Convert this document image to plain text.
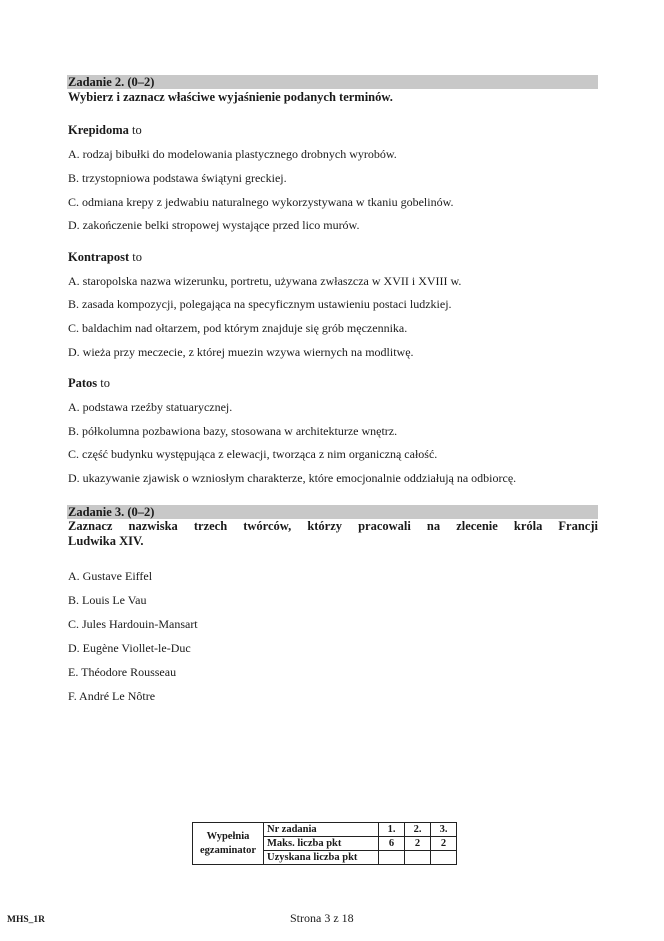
Zadanie 2. (0–2)
Wybierz i zaznacz właściwe wyjaśnienie podanych terminów.
Krepidoma to
A. rodzaj bibułki do modelowania plastycznego drobnych wyrobów.
B. trzystopniowa podstawa świątyni greckiej.
C. odmiana krepy z jedwabiu naturalnego wykorzystywana w tkaniu gobelinów.
D. zakończenie belki stropowej wystające przed lico murów.
Kontrapost to
A. staropolska nazwa wizerunku, portretu, używana zwłaszcza w XVII i XVIII w.
B. zasada kompozycji, polegająca na specyficznym ustawieniu postaci ludzkiej.
C. baldachim nad ołtarzem, pod którym znajduje się grób męczennika.
D. wieża przy meczecie, z której muezin wzywa wiernych na modlitwę.
Patos to
A. podstawa rzeźby statuarycznej.
B. półkolumna pozbawiona bazy, stosowana w architekturze wnętrz.
C. część budynku występująca z elewacji, tworząca z nim organiczną całość.
D. ukazywanie zjawisk o wzniosłym charakterze, które emocjonalnie oddziałują na odbiorcę.
Zadanie 3. (0–2)
Zaznacz nazwiska trzech twórców, którzy pracowali na zlecenie króla Francji
Ludwika XIV.
A. Gustave Eiffel
B. Louis Le Vau
C. Jules Hardouin-Mansart
D. Eugène Viollet-le-Duc
E. Théodore Rousseau
F. André Le Nôtre
Wypełnia
egzaminator	Nr zadania	1.	2.	3.
	Maks. liczba pkt	6	2	2
	Uzyskana liczba pkt			
MHS_1R	Strona 3 z 18
